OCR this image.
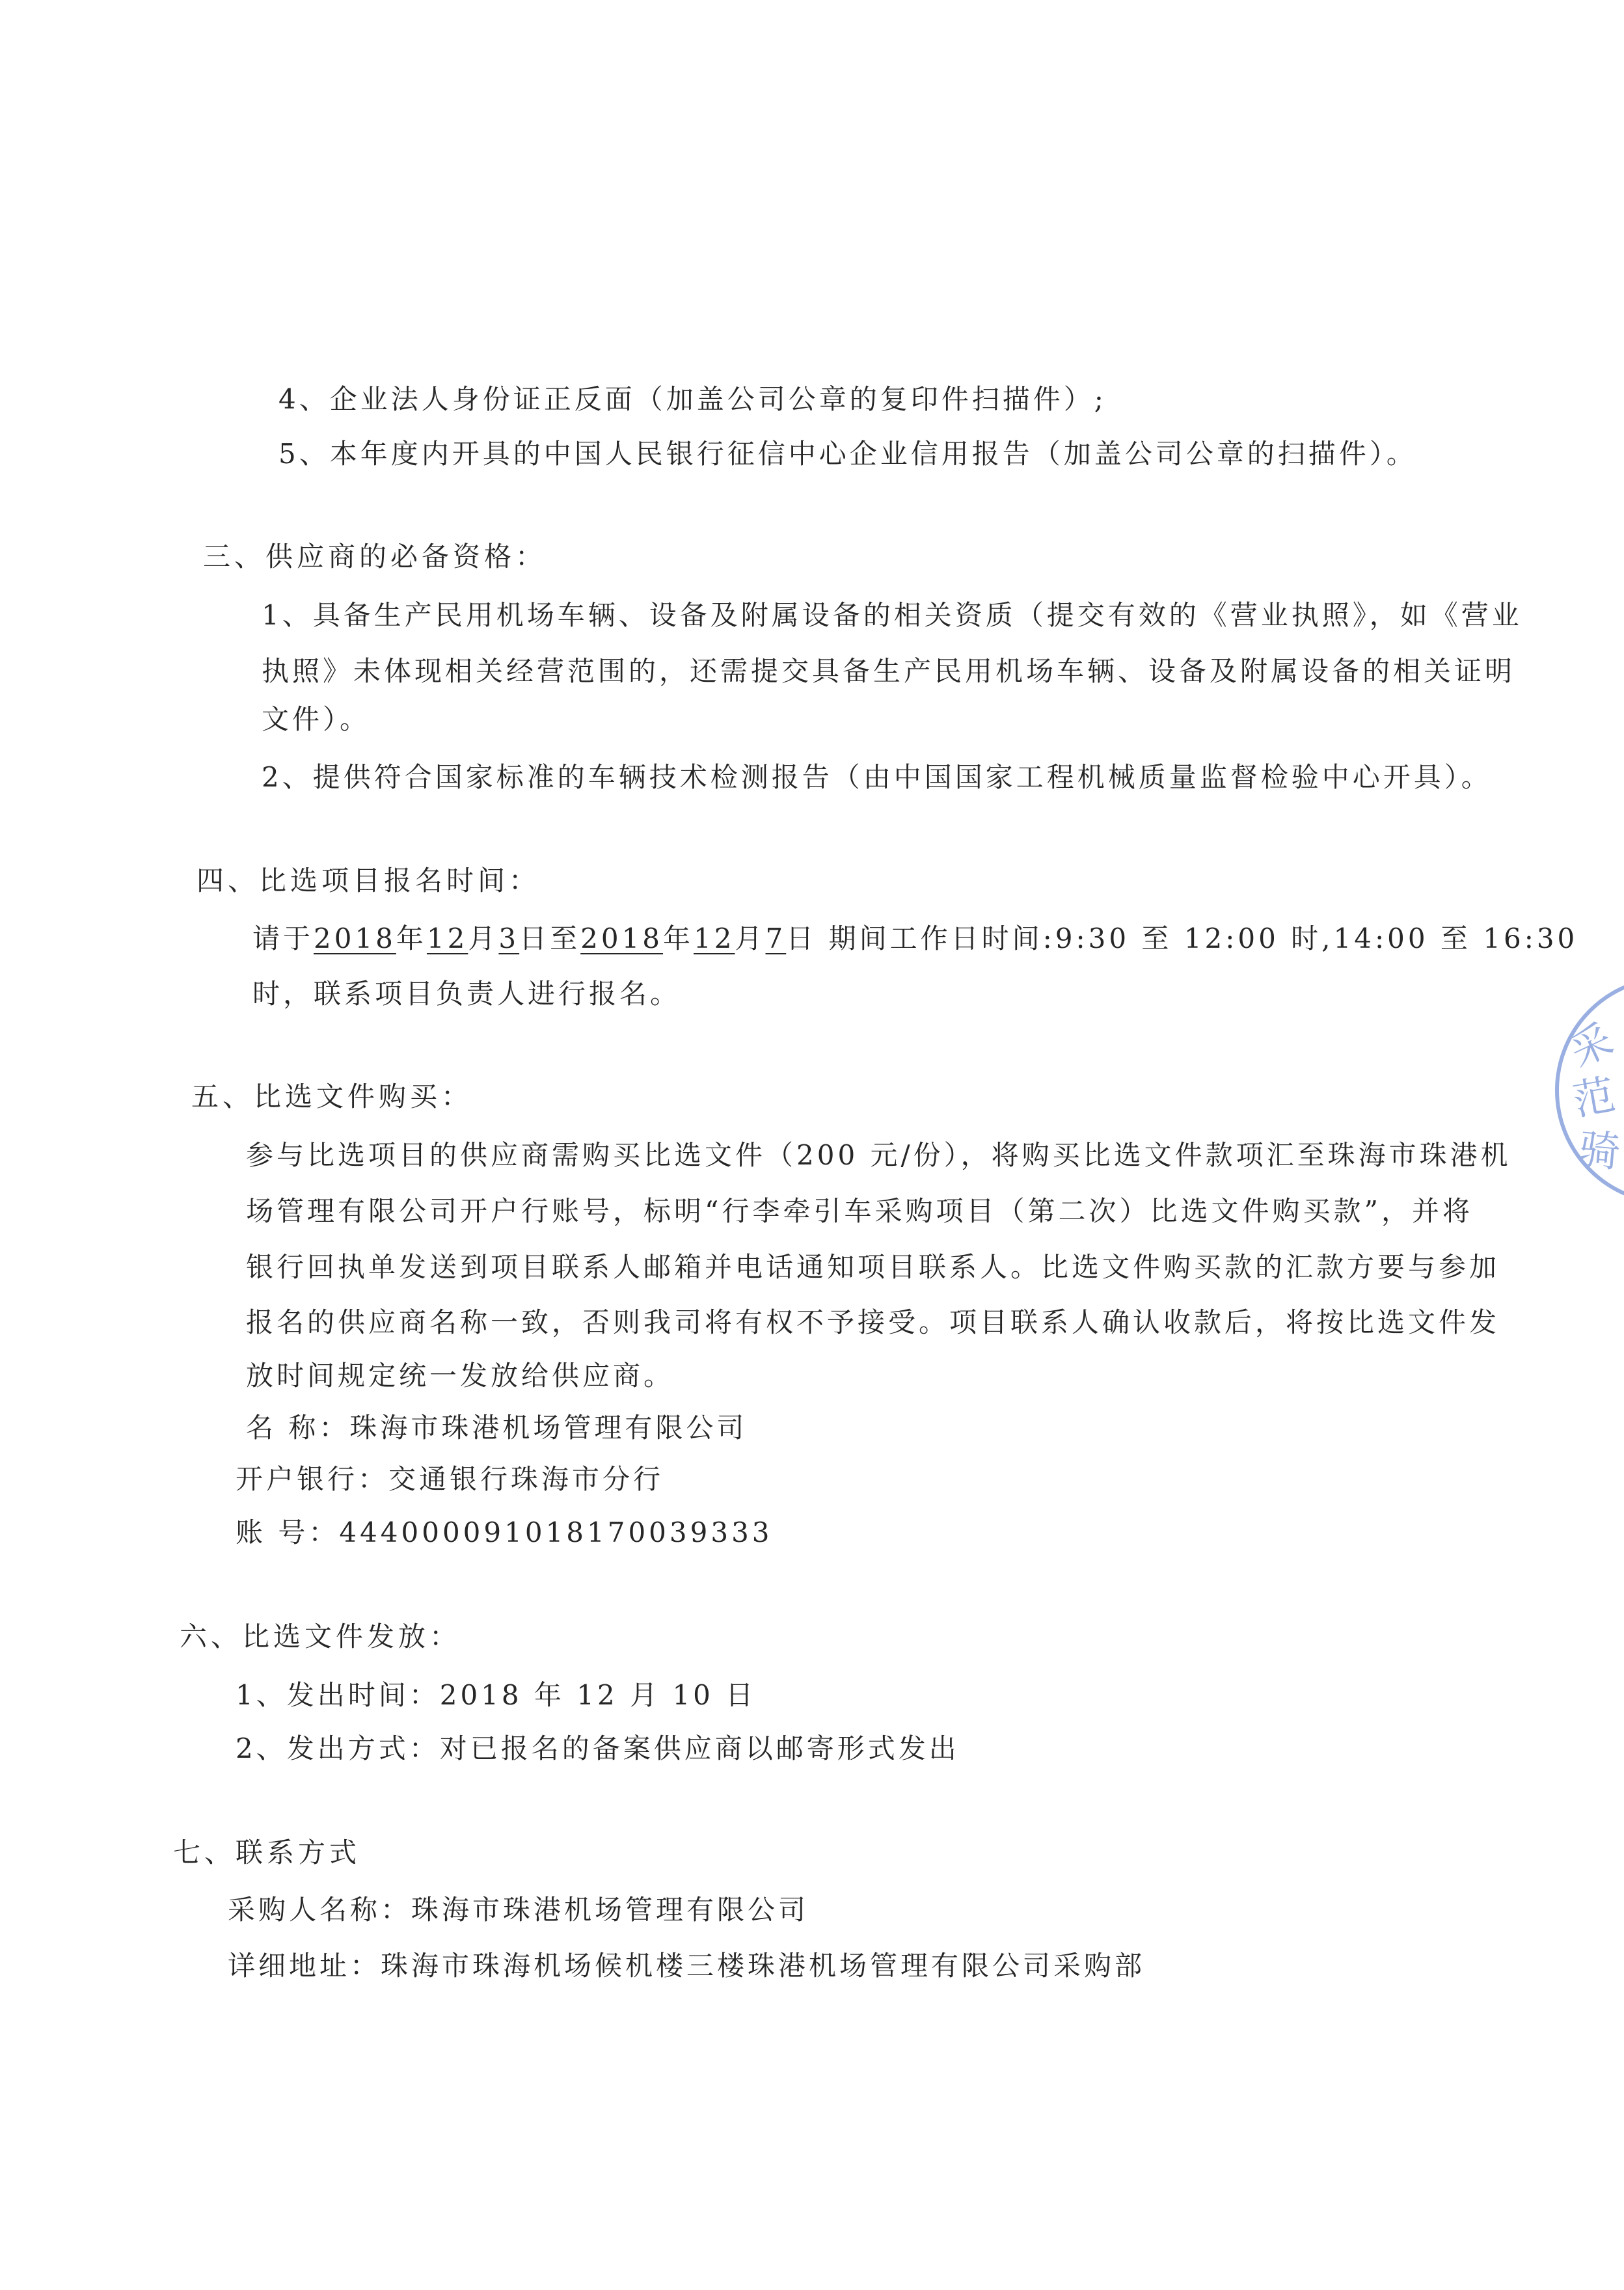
4、企业法人身份证正反面（加盖公司公章的复印件扫描件）;
5、本年度内开具的中国人民银行征信中心企业信用报告（加盖公司公章的扫描件）。
三、供应商的必备资格：
1、具备生产民用机场车辆、设备及附属设备的相关资质（提交有效的《营业执照》，如《营业
执照》未体现相关经营范围的，还需提交具备生产民用机场车辆、设备及附属设备的相关证明
文件）。
2、提供符合国家标准的车辆技术检测报告（由中国国家工程机械质量监督检验中心开具）。
四、比选项目报名时间：
请于2018年12月3日至2018年12月7日 期间工作日时间:9:30 至 12:00 时,14:00 至 16:30
时，联系项目负责人进行报名。
五、比选文件购买：
参与比选项目的供应商需购买比选文件（200 元/份），将购买比选文件款项汇至珠海市珠港机
场管理有限公司开户行账号，标明“行李牵引车采购项目（第二次）比选文件购买款”，并将
银行回执单发送到项目联系人邮箱并电话通知项目联系人。比选文件购买款的汇款方要与参加
报名的供应商名称一致，否则我司将有权不予接受。项目联系人确认收款后，将按比选文件发
放时间规定统一发放给供应商。
名 称：珠海市珠港机场管理有限公司
开户银行：交通银行珠海市分行
账 号：444000091018170039333
六、比选文件发放：
1、发出时间：2018 年 12 月 10 日
2、发出方式：对已报名的备案供应商以邮寄形式发出
七、联系方式
采购人名称：珠海市珠港机场管理有限公司
详细地址：珠海市珠海机场候机楼三楼珠港机场管理有限公司采购部
采
范
骑
